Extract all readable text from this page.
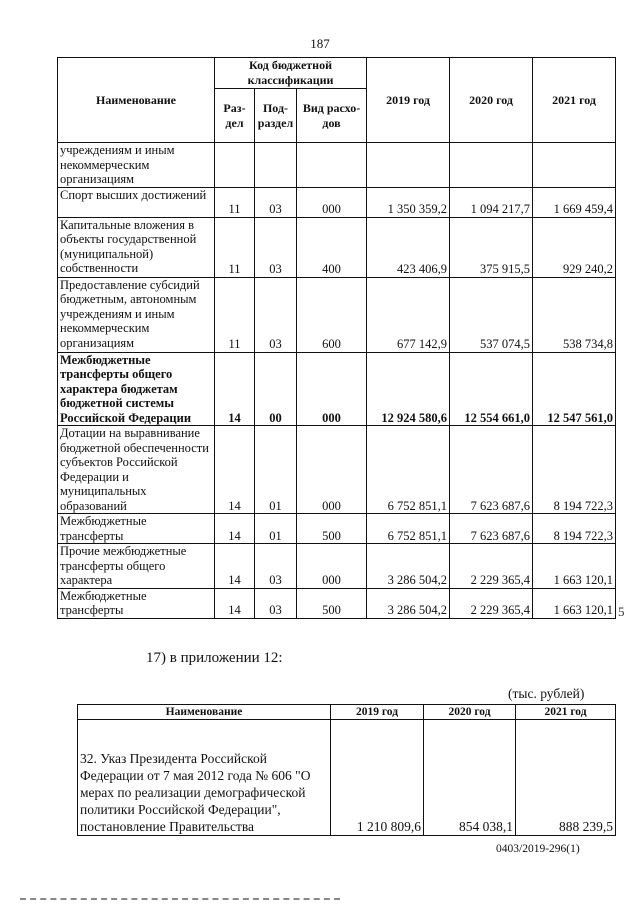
187
Наименование	Код бюджетной классификации			2019 год	2020 год	2021 год
	Раз-дел	Под-раздел	Вид расхо-дов			
учреждениям и иным некоммерческим организациям						
Спорт высших достижений	11	03	000	1 350 359,2	1 094 217,7	1 669 459,4
Капитальные вложения в объекты государственной (муниципальной) собственности	11	03	400	423 406,9	375 915,5	929 240,2
Предоставление субсидий бюджетным, автономным учреждениям и иным некоммерческим организациям	11	03	600	677 142,9	537 074,5	538 734,8
Межбюджетные трансферты общего характера бюджетам бюджетной системы Российской Федерации	14	00	000	12 924 580,6	12 554 661,0	12 547 561,0
Дотации на выравнивание бюджетной обеспеченности субъектов Российской Федерации и муниципальных образований	14	01	000	6 752 851,1	7 623 687,6	8 194 722,3
Межбюджетные трансферты	14	01	500	6 752 851,1	7 623 687,6	8 194 722,3
Прочие межбюджетные трансферты общего характера	14	03	000	3 286 504,2	2 229 365,4	1 663 120,1
Межбюджетные трансферты	14	03	500	3 286 504,2	2 229 365,4	1 663 120,1
17) в приложении 12:
(тыс. рублей)
Наименование	2019 год	2020 год	2021 год
32. Указ Президента Российской Федерации от 7 мая 2012 года № 606 "О мерах по реализации демографической политики Российской Федерации", постановление Правительства	1 210 809,6	854 038,1	888 239,5
0403/2019-296(1)
5
